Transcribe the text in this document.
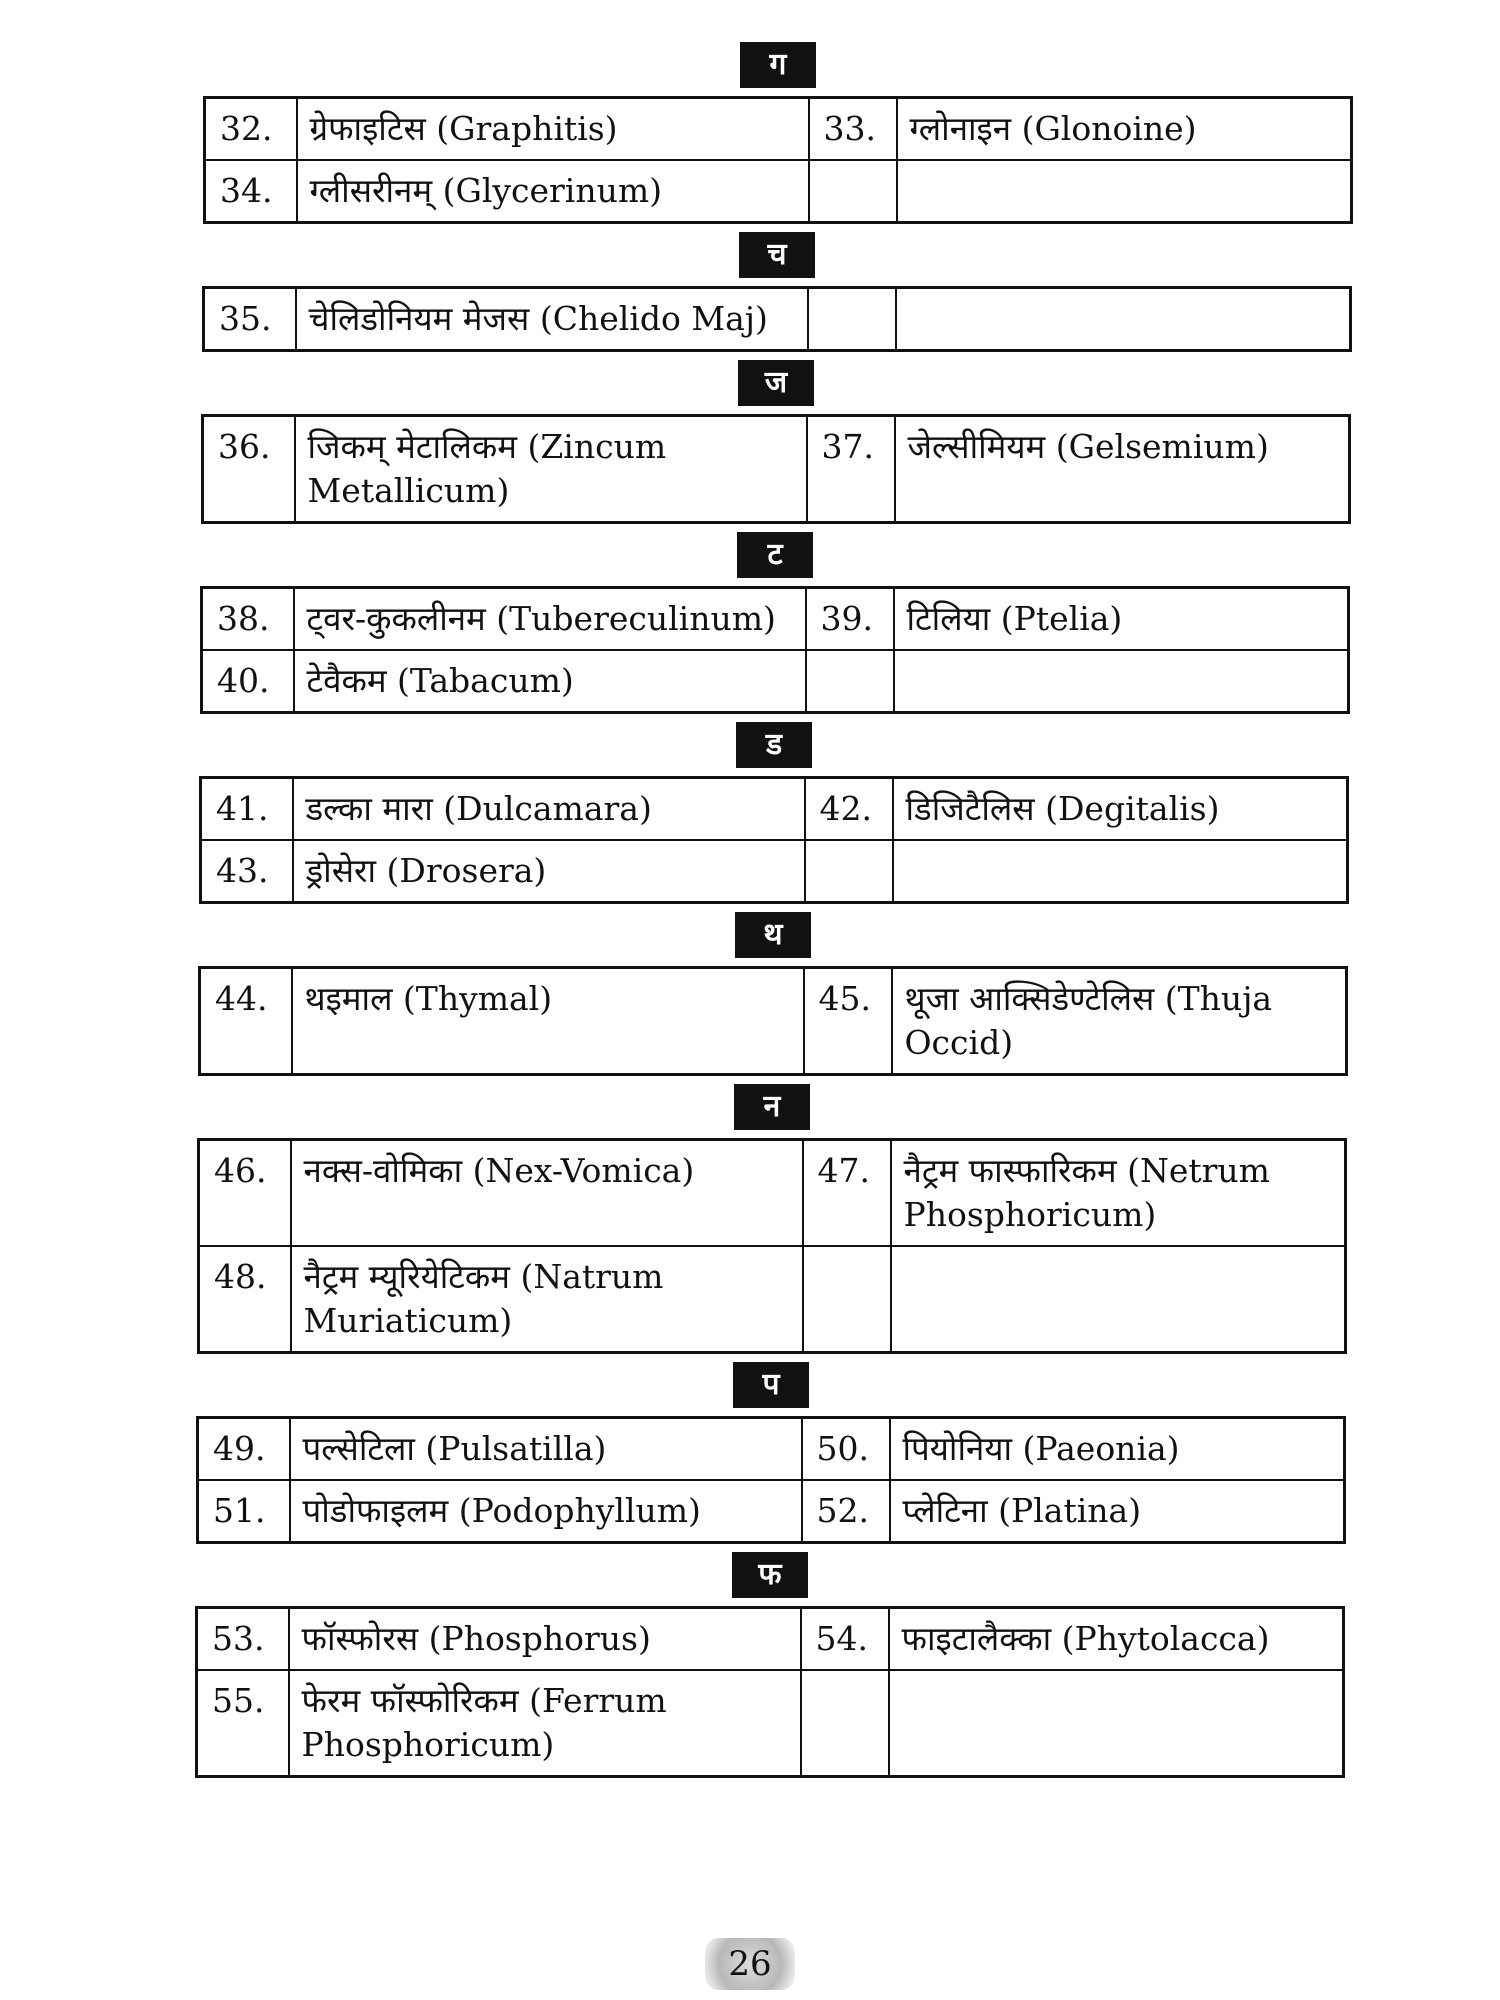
ग
32.	ग्रेफाइटिस (Graphitis)	33.	ग्लोनाइन (Glonoine)
34.	ग्लीसरीनम् (Glycerinum)		
च
35.	चेलिडोनियम मेजस (Chelido Maj)		
ज
36.	जिकम् मेटालिकम (Zincum Metallicum)	37.	जेल्सीमियम (Gelsemium)
ट
38.	ट्वर-कुकलीनम (Tubereculinum)	39.	टिलिया (Ptelia)
40.	टेवैकम (Tabacum)		
ड
41.	डल्का मारा (Dulcamara)	42.	डिजिटैलिस (Degitalis)
43.	ड्रोसेरा (Drosera)		
थ
44.	थइमाल (Thymal)	45.	थूजा आक्सिडेण्टेलिस (Thuja Occid)
न
46.	नक्स-वोमिका (Nex-Vomica)	47.	नैट्रम फास्फारिकम (Netrum Phosphoricum)
48.	नैट्रम म्यूरियेटिकम (Natrum Muriaticum)		
प
49.	पल्सेटिला (Pulsatilla)	50.	पियोनिया (Paeonia)
51.	पोडोफाइलम (Podophyllum)	52.	प्लेटिना (Platina)
फ
53.	फॉस्फोरस (Phosphorus)	54.	फाइटालैक्का (Phytolacca)
55.	फेरम फॉस्फोरिकम (Ferrum Phosphoricum)		
26
